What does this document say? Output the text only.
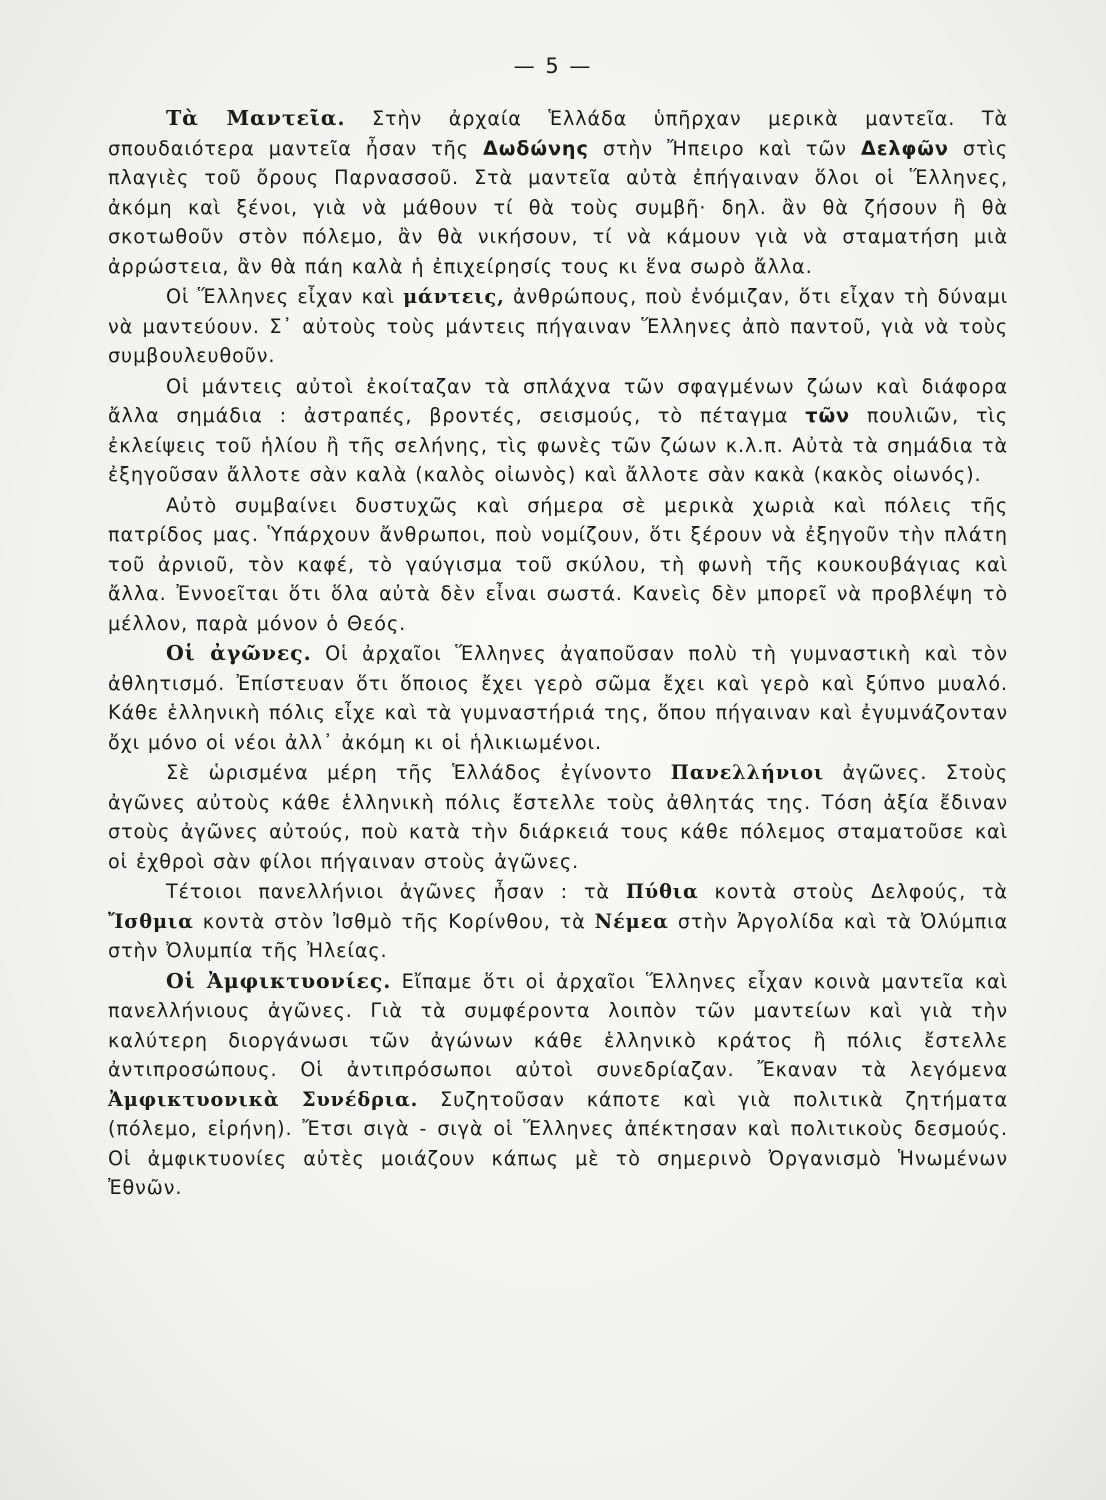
— 5 —

Τὰ Μαντεῖα. Στὴν ἀρχαία Ἑλλάδα ὑπῆρχαν μερικὰ μαντεῖα. Τὰ σπουδαιότερα μαντεῖα ἦσαν τῆς Δωδώνης στὴν Ἤπειρο καὶ τῶν Δελφῶν στὶς πλαγιὲς τοῦ ὄρους Παρνασσοῦ. Στὰ μαντεῖα αὐτὰ ἐπήγαιναν ὅλοι οἱ Ἕλληνες, ἀκόμη καὶ ξένοι, γιὰ νὰ μάθουν τί θὰ τοὺς συμβῆ· δηλ. ἂν θὰ ζήσουν ἢ θὰ σκοτωθοῦν στὸν πόλεμο, ἂν θὰ νικήσουν, τί νὰ κάμουν γιὰ νὰ σταματήση μιὰ ἀρρώστεια, ἂν θὰ πάη καλὰ ἡ ἐπιχείρησίς τους κι ἕνα σωρὸ ἄλλα.

Οἱ Ἕλληνες εἶχαν καὶ μάντεις, ἀνθρώπους, ποὺ ἐνόμιζαν, ὅτι εἶχαν τὴ δύναμι νὰ μαντεύουν. Σ᾽ αὐτοὺς τοὺς μάντεις πήγαιναν Ἕλληνες ἀπὸ παντοῦ, γιὰ νὰ τοὺς συμβουλευθοῦν.

Οἱ μάντεις αὐτοὶ ἐκοίταζαν τὰ σπλάχνα τῶν σφαγμένων ζώων καὶ διάφορα ἄλλα σημάδια : ἀστραπές, βροντές, σεισμούς, τὸ πέταγμα τῶν πουλιῶν, τὶς ἐκλείψεις τοῦ ἡλίου ἢ τῆς σελήνης, τὶς φωνὲς τῶν ζώων κ.λ.π. Αὐτὰ τὰ σημάδια τὰ ἐξηγοῦσαν ἄλλοτε σὰν καλὰ (καλὸς οἰωνὸς) καὶ ἄλλοτε σὰν κακὰ (κακὸς οἰωνός).

Αὐτὸ συμβαίνει δυστυχῶς καὶ σήμερα σὲ μερικὰ χωριὰ καὶ πόλεις τῆς πατρίδος μας. Ὑπάρχουν ἄνθρωποι, ποὺ νομίζουν, ὅτι ξέρουν νὰ ἐξηγοῦν τὴν πλάτη τοῦ ἀρνιοῦ, τὸν καφέ, τὸ γαύγισμα τοῦ σκύλου, τὴ φωνὴ τῆς κουκουβάγιας καὶ ἄλλα. Ἐννοεῖται ὅτι ὅλα αὐτὰ δὲν εἶναι σωστά. Κανεὶς δὲν μπορεῖ νὰ προβλέψη τὸ μέλλον, παρὰ μόνον ὁ Θεός.

Οἱ ἀγῶνες. Οἱ ἀρχαῖοι Ἕλληνες ἀγαποῦσαν πολὺ τὴ γυμναστικὴ καὶ τὸν ἀθλητισμό. Ἐπίστευαν ὅτι ὅποιος ἔχει γερὸ σῶμα ἔχει καὶ γερὸ καὶ ξύπνο μυαλό. Κάθε ἑλληνικὴ πόλις εἶχε καὶ τὰ γυμναστήριά της, ὅπου πήγαιναν καὶ ἐγυμνάζονταν ὄχι μόνο οἱ νέοι ἀλλ᾽ ἀκόμη κι οἱ ἡλικιωμένοι.

Σὲ ὡρισμένα μέρη τῆς Ἑλλάδος ἐγίνοντο Πανελλήνιοι ἀγῶνες. Στοὺς ἀγῶνες αὐτοὺς κάθε ἑλληνικὴ πόλις ἔστελλε τοὺς ἀθλητάς της. Τόση ἀξία ἔδιναν στοὺς ἀγῶνες αὐτούς, ποὺ κατὰ τὴν διάρκειά τους κάθε πόλεμος σταματοῦσε καὶ οἱ ἐχθροὶ σὰν φίλοι πήγαιναν στοὺς ἀγῶνες.

Τέτοιοι πανελλήνιοι ἀγῶνες ἦσαν : τὰ Πύθια κοντὰ στοὺς Δελφούς, τὰ Ἴσθμια κοντὰ στὸν Ἰσθμὸ τῆς Κορίνθου, τὰ Νέμεα στὴν Ἀργολίδα καὶ τὰ Ὀλύμπια στὴν Ὀλυμπία τῆς Ἠλείας.

Οἱ Ἀμφικτυονίες. Εἴπαμε ὅτι οἱ ἀρχαῖοι Ἕλληνες εἶχαν κοινὰ μαντεῖα καὶ πανελλήνιους ἀγῶνες. Γιὰ τὰ συμφέροντα λοιπὸν τῶν μαντείων καὶ γιὰ τὴν καλύτερη διοργάνωσι τῶν ἀγώνων κάθε ἑλληνικὸ κράτος ἢ πόλις ἔστελλε ἀντιπροσώπους. Οἱ ἀντιπρόσωποι αὐτοὶ συνεδρίαζαν. Ἔκαναν τὰ λεγόμενα Ἀμφικτυονικὰ Συνέδρια. Συζητοῦσαν κάποτε καὶ γιὰ πολιτικὰ ζητήματα (πόλεμο, εἰρήνη). Ἔτσι σιγὰ - σιγὰ οἱ Ἕλληνες ἀπέκτησαν καὶ πολιτικοὺς δεσμούς. Οἱ ἀμφικτυονίες αὐτὲς μοιάζουν κάπως μὲ τὸ σημερινὸ Ὀργανισμὸ Ἡνωμένων Ἐθνῶν.
